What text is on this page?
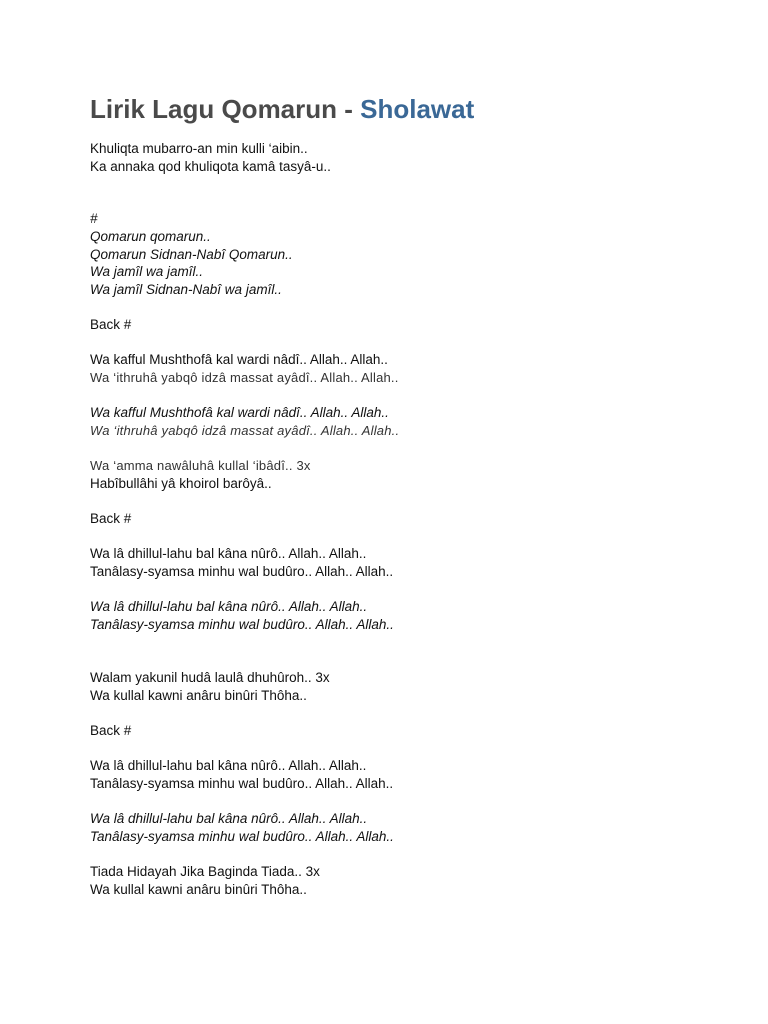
Lirik Lagu Qomarun - Sholawat
Khuliqta mubarro-an min kulli ‘aibin..
Ka annaka qod khuliqota kamâ tasyâ-u..
#
Qomarun qomarun..
Qomarun Sidnan-Nabî Qomarun..
Wa jamîl wa jamîl..
Wa jamîl Sidnan-Nabî wa jamîl..
Back #
Wa kafful Mushthofâ kal wardi nâdî.. Allah.. Allah..
Wa ‘ithruhâ yabqô idzâ massat ayâdî.. Allah.. Allah..
Wa kafful Mushthofâ kal wardi nâdî.. Allah.. Allah..
Wa ‘ithruhâ yabqô idzâ massat ayâdî.. Allah.. Allah..
Wa ‘amma nawâluhâ kullal ‘ibâdî.. 3x
Habîbullâhi yâ khoirol barôyâ..
Back #
Wa lâ dhillul-lahu bal kâna nûrô.. Allah.. Allah..
Tanâlasy-syamsa minhu wal budûro.. Allah.. Allah..
Wa lâ dhillul-lahu bal kâna nûrô.. Allah.. Allah..
Tanâlasy-syamsa minhu wal budûro.. Allah.. Allah..
Walam yakunil hudâ laulâ dhuhûroh.. 3x
Wa kullal kawni anâru binûri Thôha..
Back #
Wa lâ dhillul-lahu bal kâna nûrô.. Allah.. Allah..
Tanâlasy-syamsa minhu wal budûro.. Allah.. Allah..
Wa lâ dhillul-lahu bal kâna nûrô.. Allah.. Allah..
Tanâlasy-syamsa minhu wal budûro.. Allah.. Allah..
Tiada Hidayah Jika Baginda Tiada.. 3x
Wa kullal kawni anâru binûri Thôha..
